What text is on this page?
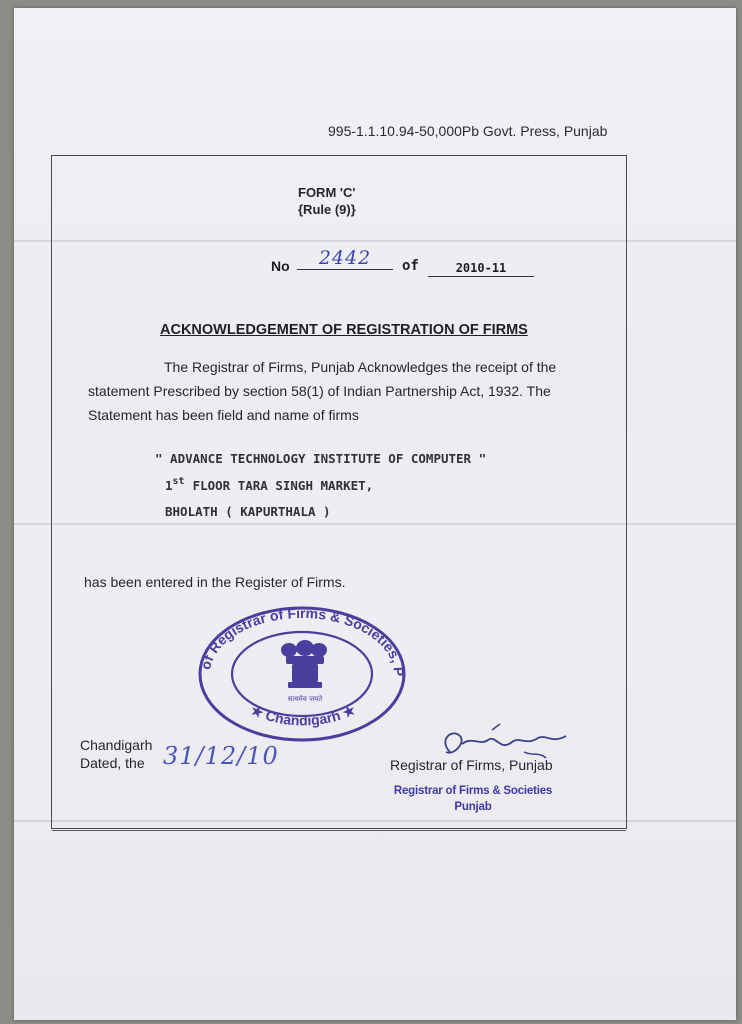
995-1.1.10.94-50,000Pb Govt. Press, Punjab
FORM 'C'
{Rule (9)}
No	2442	of	2010-11
ACKNOWLEDGEMENT OF REGISTRATION OF FIRMS
The Registrar of Firms, Punjab Acknowledges the receipt of the statement Prescribed by section 58(1) of Indian Partnership Act, 1932. The Statement has been field and name of firms
" ADVANCE TECHNOLOGY INSTITUTE OF COMPUTER "
1st FLOOR TARA SINGH MARKET,
BHOLATH ( KAPURTHALA )
has been entered in the Register of Firms.
of Registrar of Firms & Societies, P
★ Chandigarh ★
सत्यमेव जयते
Chandigarh
Dated, the 31/12/10	Registrar of Firms, Punjab
Registrar of Firms & Societies
Punjab
